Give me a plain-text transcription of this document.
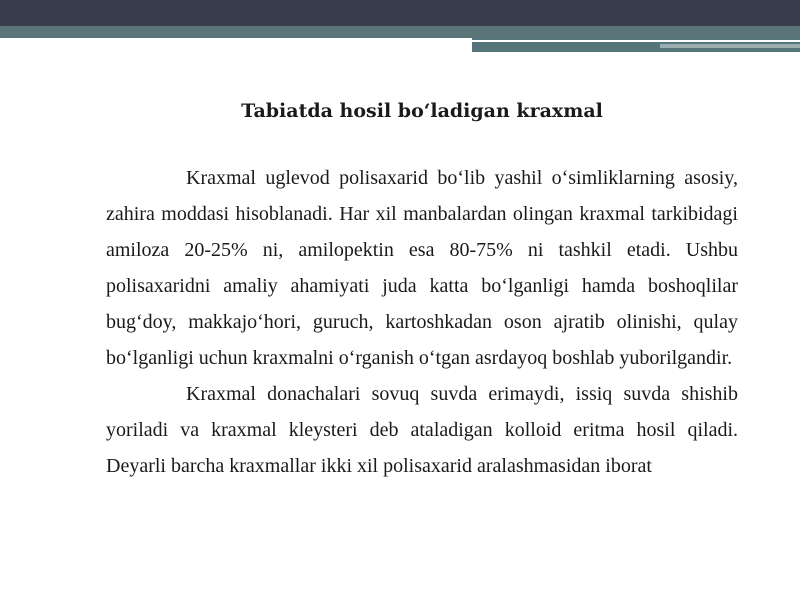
Tabiatda hosil bo‘ladigan kraxmal

Kraxmal uglevod polisaxarid bo‘lib yashil o‘simliklarning asosiy, zahira moddasi hisoblanadi. Har xil manbalardan olingan kraxmal tarkibidagi amiloza 20-25% ni, amilopektin esa 80-75% ni tashkil etadi. Ushbu polisaxaridni amaliy ahamiyati juda katta bo‘lganligi hamda boshoqlilar bug‘doy, makkajo‘hori, guruch, kartoshkadan oson ajratib olinishi, qulay bo‘lganligi uchun kraxmalni o‘rganish o‘tgan asrdayoq boshlab yuborilgandir.

Kraxmal donachalari sovuq suvda erimaydi, issiq suvda shishib yoriladi va kraxmal kleysteri deb ataladigan kolloid eritma hosil qiladi. Deyarli barcha kraxmallar ikki xil polisaxarid aralashmasidan iborat
